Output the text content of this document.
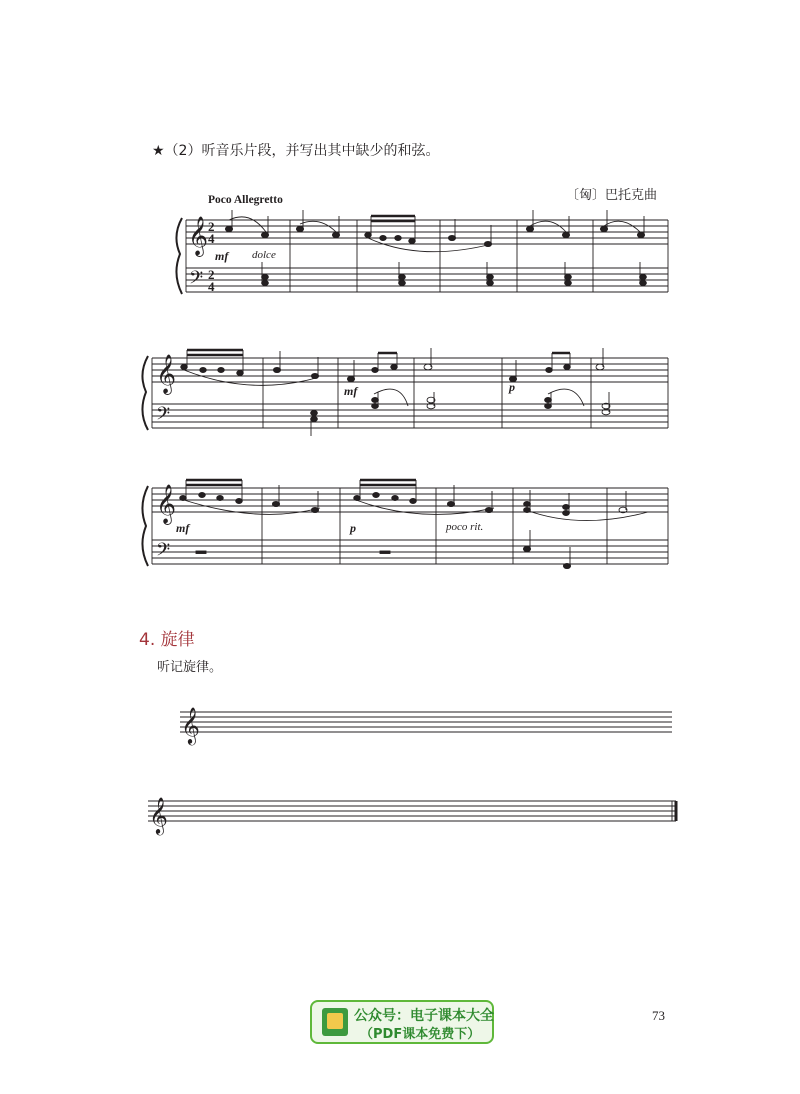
★（2）听音乐片段，并写出其中缺少的和弦。
〔匈〕巴托克曲
Poco Allegretto
𝄞
𝄢
𝄞
𝄢
𝄞
𝄢
𝄞
𝄞
2
4
2
4
mf dolce
mf	p
mf	p	poco rit.
4. 旋律
听记旋律。
公众号：电子课本大全
（PDF课本免费下）
73
